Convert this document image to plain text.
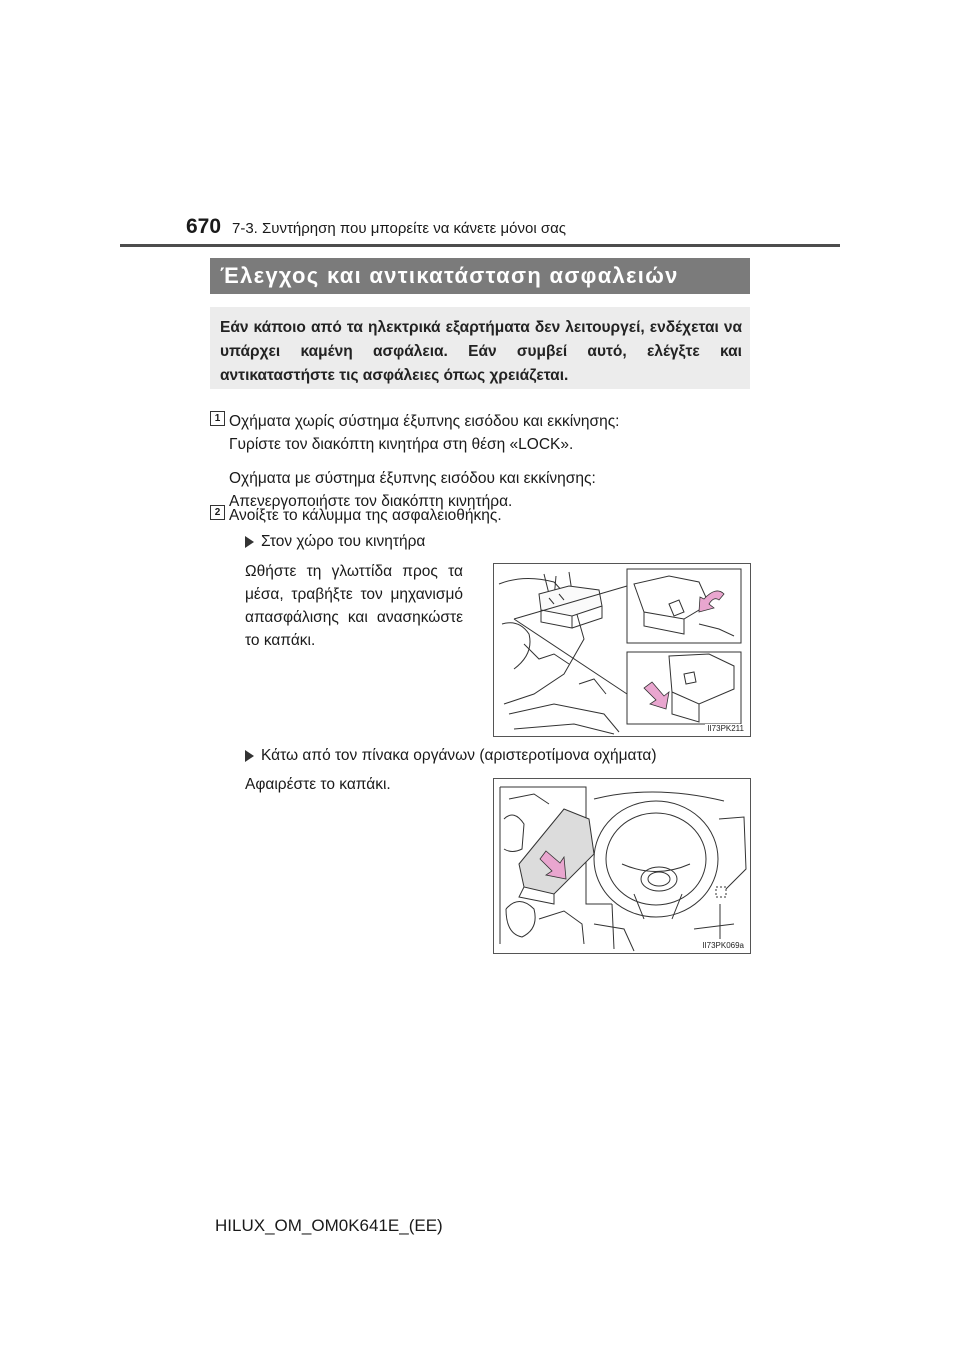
670 7-3. Συντήρηση που μπορείτε να κάνετε μόνοι σας
Έλεγχος και αντικατάσταση ασφαλειών
Εάν κάποιο από τα ηλεκτρικά εξαρτήματα δεν λειτουργεί, ενδέχεται να υπάρχει καμένη ασφάλεια. Εάν συμβεί αυτό, ελέγξτε και αντικαταστήστε τις ασφάλειες όπως χρειάζεται.
1 Οχήματα χωρίς σύστημα έξυπνης εισόδου και εκκίνησης:
Γυρίστε τον διακόπτη κινητήρα στη θέση «LOCK».
Οχήματα με σύστημα έξυπνης εισόδου και εκκίνησης:
Απενεργοποιήστε τον διακόπτη κινητήρα.
2 Ανοίξτε το κάλυμμα της ασφαλειοθήκης.
Στον χώρο του κινητήρα
Ωθήστε τη γλωττίδα προς τα μέσα, τραβήξτε τον μηχανισμό απασφάλισης και ανασηκώστε το καπάκι.
II73PK211
Κάτω από τον πίνακα οργάνων (αριστεροτίμονα οχήματα)
Αφαιρέστε το καπάκι.
II73PK069a
HILUX_OM_OM0K641E_(EE)
